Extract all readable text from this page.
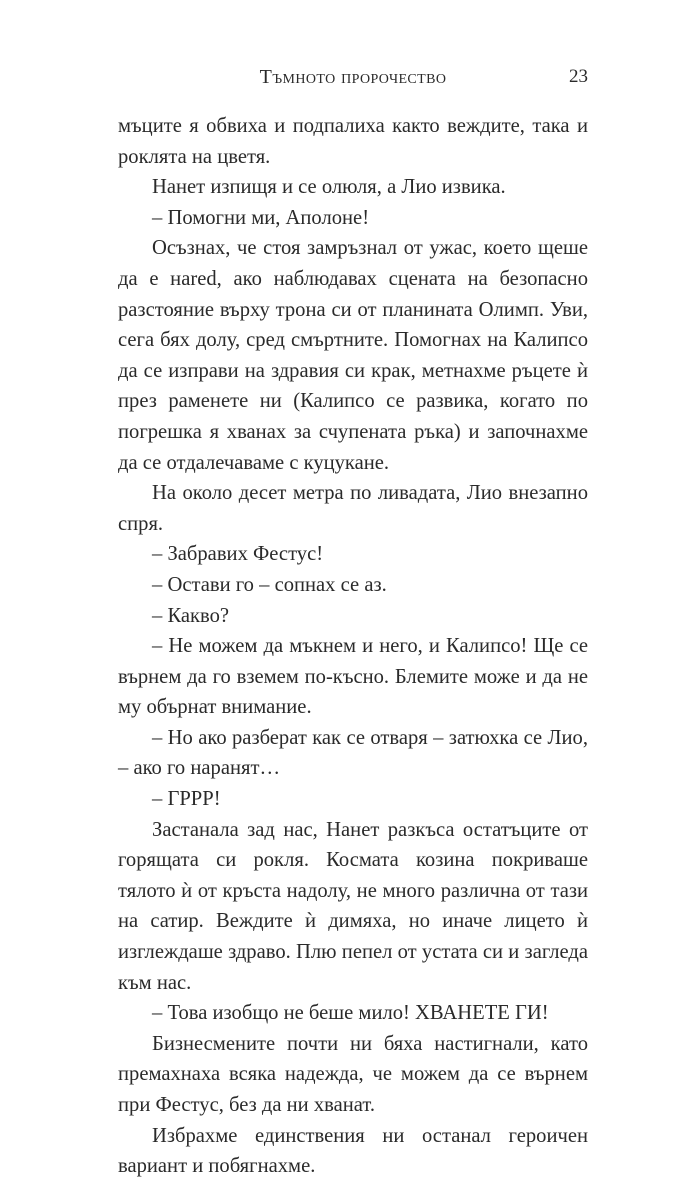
Тъмното пророчество	23

мъците я обвиха и подпалиха както веждите, така и роклята на цветя.

Нанет изпищя и се олюля, а Лио извика.

– Помогни ми, Аполоне!

Осъзнах, че стоя замръзнал от ужас, което щеше да е нared, ако наблюдавах сцената на безопасно разстояние върху трона си от планината Олимп. Уви, сега бях долу, сред смъртните. Помогнах на Калипсо да се изправи на здравия си крак, метнахме ръцете ѝ през раменете ни (Калипсо се развика, когато по погрешка я хванах за счупената ръка) и започнахме да се отдалечаваме с куцукане.

На около десет метра по ливадата, Лио внезапно спря.

– Забравих Фестус!

– Остави го – сопнах се аз.

– Какво?

– Не можем да мъкнем и него, и Калипсо! Ще се върнем да го вземем по-късно. Блемите може и да не му обърнат внимание.

– Но ако разберат как се отваря – затюхка се Лио, – ако го наранят…

– ГРРР!

Застанала зад нас, Нанет разкъса остатъците от горящата си рокля. Космата козина покриваше тялото ѝ от кръста надолу, не много различна от тази на сатир. Веждите ѝ димяха, но иначе лицето ѝ изглеждаше здраво. Плю пепел от устата си и загледа към нас.

– Това изобщо не беше мило! ХВАНЕТЕ ГИ!

Бизнесмените почти ни бяха настигнали, като премахнаха всяка надежда, че можем да се върнем при Фестус, без да ни хванат.

Избрахме единствения ни останал героичен вариант и побягнахме.
